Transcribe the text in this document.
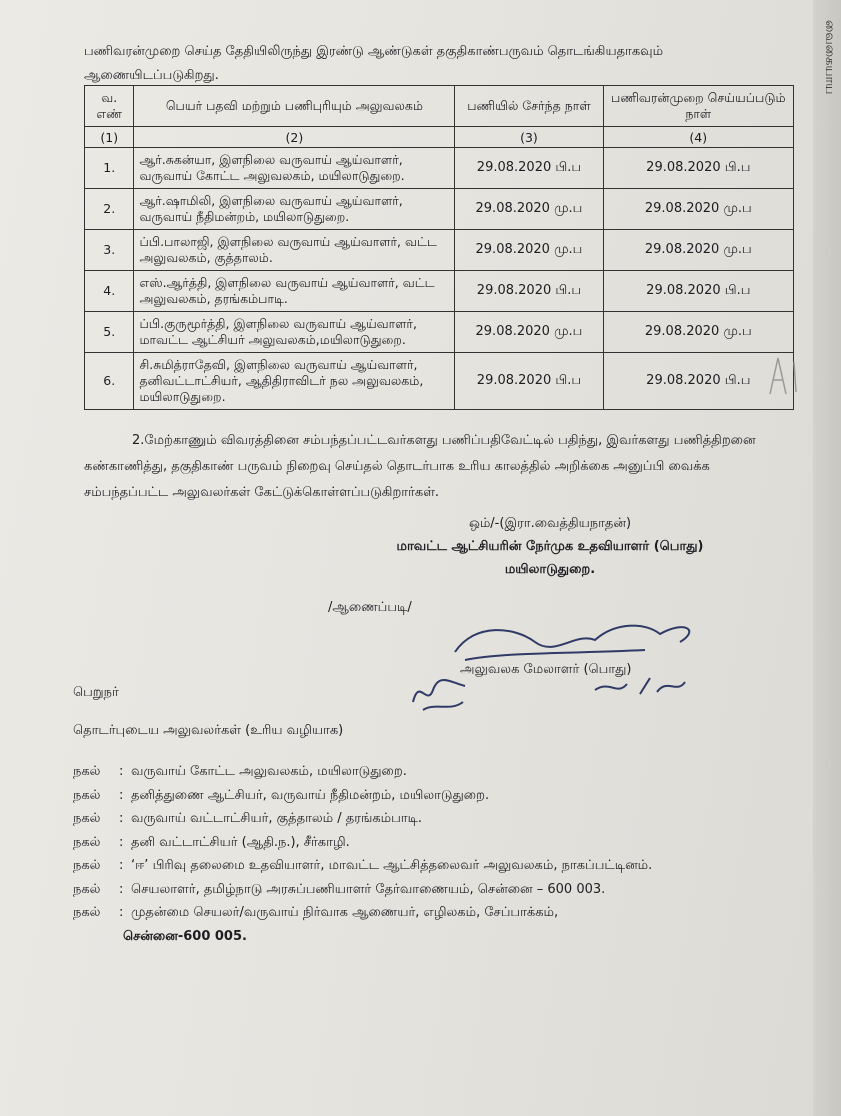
வைகையாய
பணிவரன்முறை செய்த தேதியிலிருந்து இரண்டு ஆண்டுகள் தகுதிகாண்பருவம் தொடங்கியதாகவும் ஆணையிடப்படுகிறது.
வ. எண்	பெயர் பதவி மற்றும் பணிபுரியும் அலுவலகம்	பணியில் சேர்ந்த நாள்	பணிவரன்முறை செய்யப்படும் நாள்
(1)	(2)	(3)	(4)
1.	ஆர்.சுகன்யா, இளநிலை வருவாய் ஆய்வாளர், வருவாய் கோட்ட அலுவலகம், மயிலாடுதுறை.	29.08.2020 பி.ப	29.08.2020 பி.ப
2.	ஆர்.ஷாமிலி, இளநிலை வருவாய் ஆய்வாளர், வருவாய் நீதிமன்றம், மயிலாடுதுறை.	29.08.2020 மு.ப	29.08.2020 மு.ப
3.	ப்பி.பாலாஜி, இளநிலை வருவாய் ஆய்வாளர், வட்ட அலுவலகம், குத்தாலம்.	29.08.2020 மு.ப	29.08.2020 மு.ப
4.	எஸ்.ஆர்த்தி, இளநிலை வருவாய் ஆய்வாளர், வட்ட அலுவலகம், தரங்கம்பாடி.	29.08.2020 பி.ப	29.08.2020 பி.ப
5.	ப்பி.குருமூர்த்தி, இளநிலை வருவாய் ஆய்வாளர், மாவட்ட ஆட்சியர் அலுவலகம்,மயிலாடுதுறை.	29.08.2020 மு.ப	29.08.2020 மு.ப
6.	சி.சுமித்ராதேவி, இளநிலை வருவாய் ஆய்வாளர், தனிவட்டாட்சியர், ஆதிதிராவிடர் நல அலுவலகம், மயிலாடுதுறை.	29.08.2020 பி.ப	29.08.2020 பி.ப
2.மேற்காணும் விவரத்தினை சம்பந்தப்பட்டவர்களது பணிப்பதிவேட்டில் பதிந்து, இவர்களது பணித்திறனை கண்காணித்து, தகுதிகாண் பருவம் நிறைவு செய்தல் தொடர்பாக உரிய காலத்தில் அறிக்கை அனுப்பி வைக்க சம்பந்தப்பட்ட அலுவலர்கள் கேட்டுக்கொள்ளப்படுகிறார்கள்.
ஒம்/-(இரா.வைத்தியநாதன்)
மாவட்ட ஆட்சியரின் நேர்முக உதவியாளர் (பொது)
மயிலாடுதுறை.
/ஆணைப்படி/
அலுவலக மேலாளர் (பொது)
பெறுநர்
தொடர்புடைய அலுவலர்கள் (உரிய வழியாக)
நகல்	: வருவாய் கோட்ட அலுவலகம், மயிலாடுதுறை.
நகல்	: தனித்துணை ஆட்சியர், வருவாய் நீதிமன்றம், மயிலாடுதுறை.
நகல்	: வருவாய் வட்டாட்சியர், குத்தாலம் / தரங்கம்பாடி.
நகல்	: தனி வட்டாட்சியர் (ஆதி.ந.), சீர்காழி.
நகல்	: ‘ஈ’ பிரிவு தலைமை உதவியாளர், மாவட்ட ஆட்சித்தலைவர் அலுவலகம், நாகப்பட்டினம்.
நகல்	: செயலாளர், தமிழ்நாடு அரசுப்பணியாளர் தேர்வாணையம், சென்னை – 600 003.
நகல்	: முதன்மை செயலர்/வருவாய் நிர்வாக ஆணையர், எழிலகம், சேப்பாக்கம்,
சென்னை-600 005.
